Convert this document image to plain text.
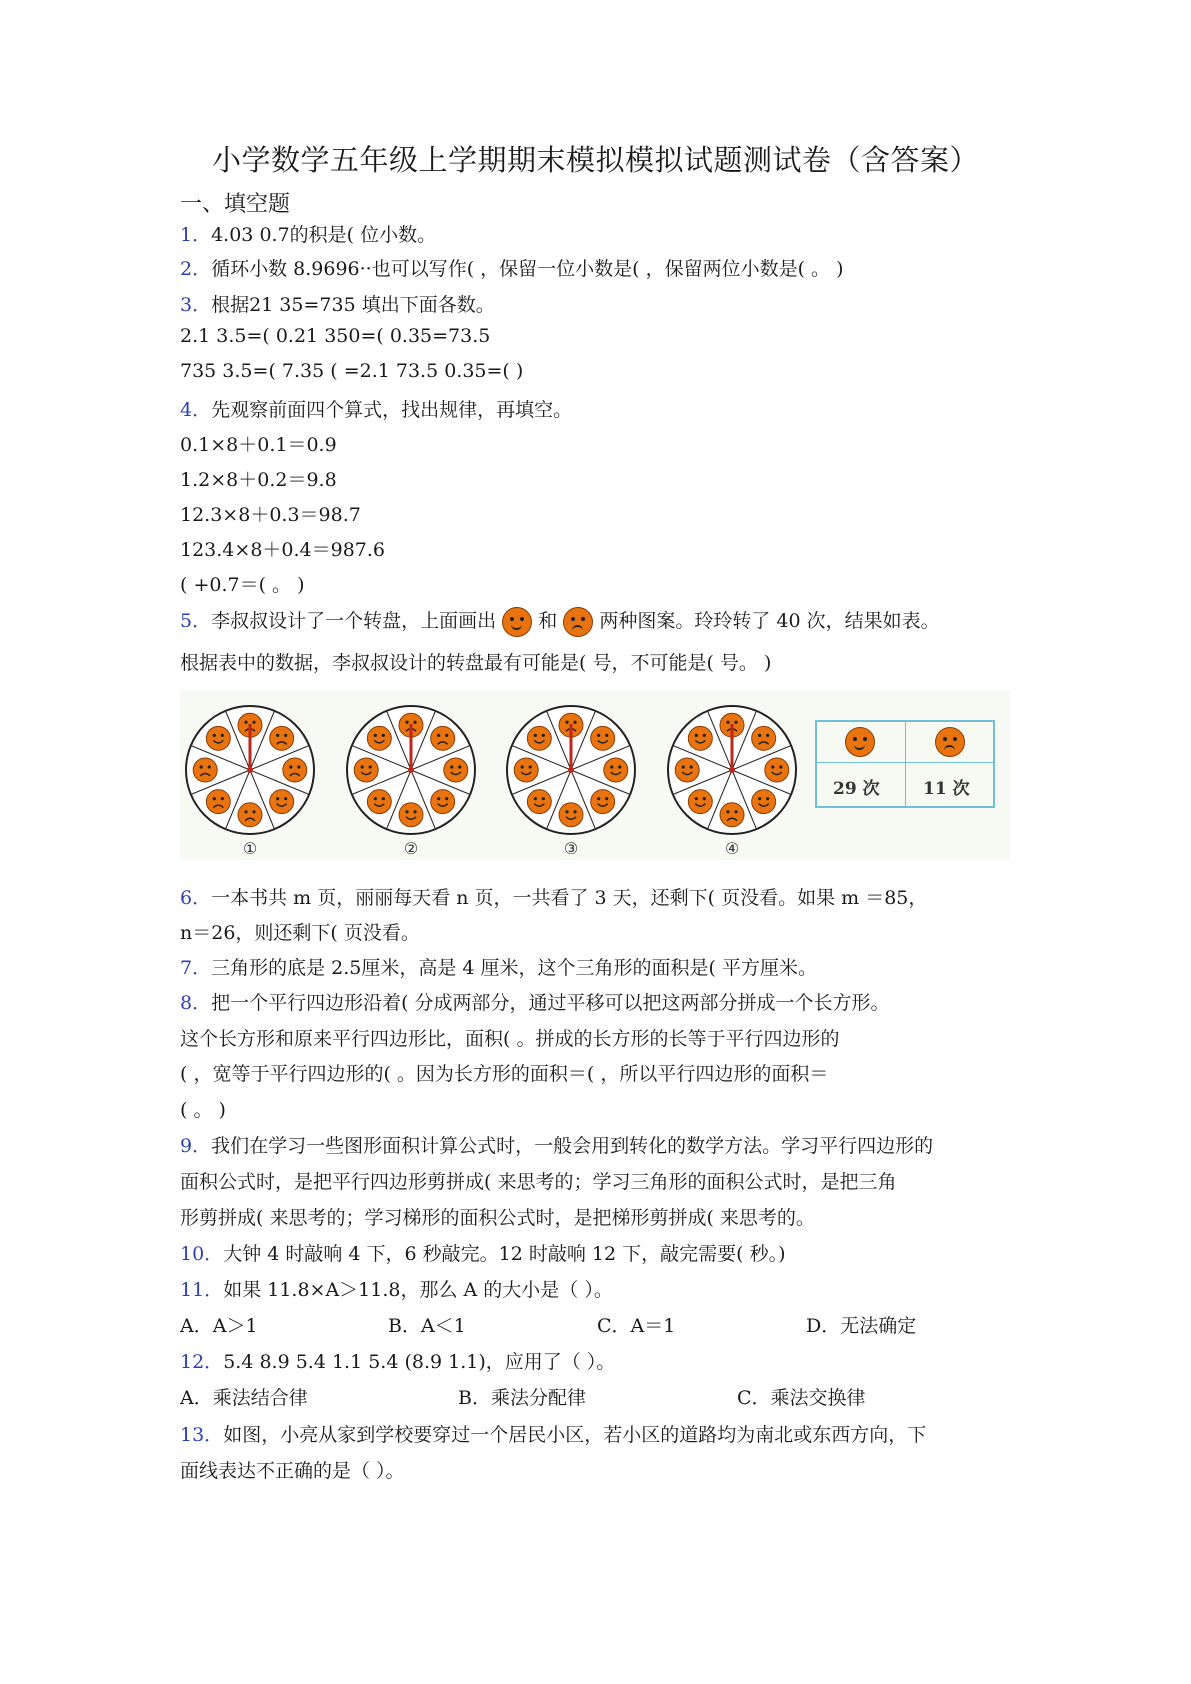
小学数学五年级上学期期末模拟模拟试题测试卷（含答案）
一、填空题
1．4.03 0.7的积是( 位小数。
2．循环小数 8.9696··也可以写作( ，保留一位小数是( ，保留两位小数是( 。 )
3．根据21 35=735 填出下面各数。
2.1 3.5=( 0.21 350=( 0.35=73.5
735 3.5=( 7.35 ( =2.1 73.5 0.35=( )
4．先观察前面四个算式，找出规律，再填空。
0.1×8＋0.1＝0.9
1.2×8＋0.2＝9.8
12.3×8＋0.3＝98.7
123.4×8＋0.4＝987.6
( +0.7＝( 。 )
5．李叔叔设计了一个转盘，上面画出 和 两种图案。玲玲转了 40 次，结果如表。
根据表中的数据，李叔叔设计的转盘最有可能是( 号，不可能是( 号。 )
①	②	③	④
29 次	11 次
6．一本书共 m 页，丽丽每天看 n 页，一共看了 3 天，还剩下( 页没看。如果 m ＝85，
n＝26，则还剩下( 页没看。
7．三角形的底是 2.5厘米，高是 4 厘米，这个三角形的面积是( 平方厘米。
8．把一个平行四边形沿着( 分成两部分，通过平移可以把这两部分拼成一个长方形。
这个长方形和原来平行四边形比，面积( 。拼成的长方形的长等于平行四边形的
( ，宽等于平行四边形的( 。因为长方形的面积＝( ，所以平行四边形的面积＝
( 。 )
9．我们在学习一些图形面积计算公式时，一般会用到转化的数学方法。学习平行四边形的
面积公式时，是把平行四边形剪拼成( 来思考的；学习三角形的面积公式时，是把三角
形剪拼成( 来思考的；学习梯形的面积公式时，是把梯形剪拼成( 来思考的。
10．大钟 4 时敲响 4 下，6 秒敲完。12 时敲响 12 下，敲完需要( 秒。)
11．如果 11.8×A＞11.8，那么 A 的大小是（ ）。
A．A＞1	B．A＜1	C．A＝1	D．无法确定
12．5.4 8.9 5.4 1.1 5.4 (8.9 1.1)，应用了（ ）。
A．乘法结合律	B．乘法分配律	C．乘法交换律
13．如图，小亮从家到学校要穿过一个居民小区，若小区的道路均为南北或东西方向，下
面线表达不正确的是（ ）。
